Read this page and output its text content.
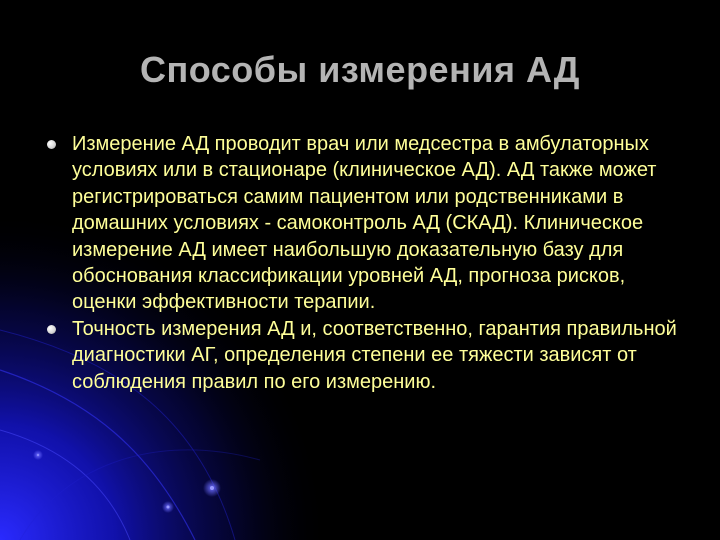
Способы измерения АД
Измерение АД проводит врач или медсестра в амбулаторных условиях или в стационаре (клиническое АД). АД также может регистрироваться самим пациентом или родственниками в домашних условиях - самоконтроль АД (СКАД). Клиническое измерение АД имеет наибольшую доказательную базу для обоснования классификации уровней АД, прогноза рисков, оценки эффективности терапии.
Точность измерения АД и, соответственно, гарантия правильной диагностики АГ, определения степени ее тяжести зависят от соблюдения правил по его измерению.
